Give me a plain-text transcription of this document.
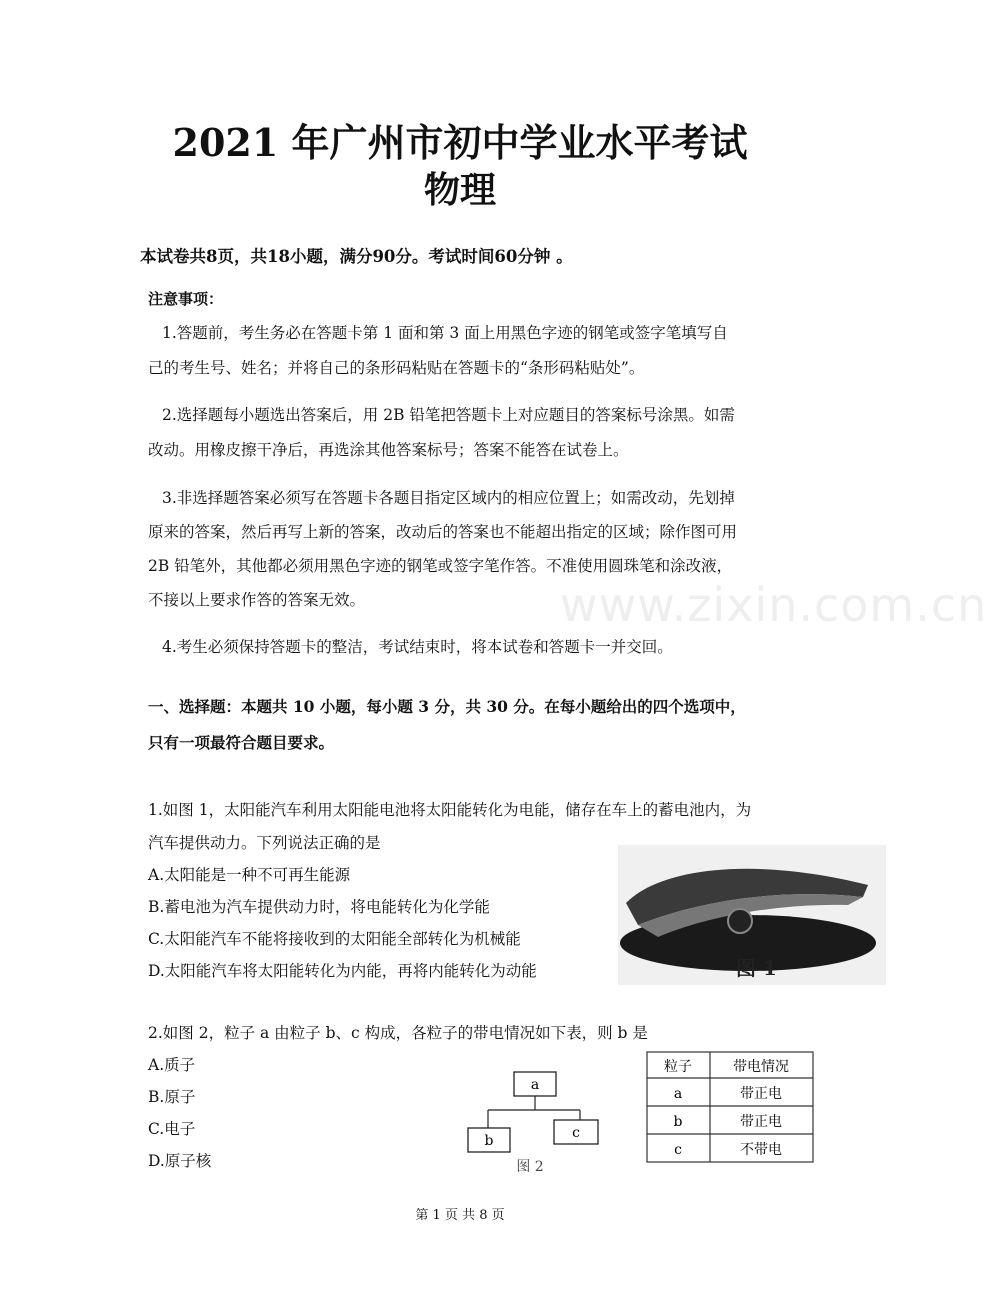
www.zixin.com.cn
2021 年广州市初中学业水平考试
物理
本试卷共8页，共18小题，满分90分。考试时间60分钟 。
注意事项：
1.答题前，考生务必在答题卡第 1 面和第 3 面上用黑色字迹的钢笔或签字笔填写自
己的考生号、姓名；并将自己的条形码粘贴在答题卡的“条形码粘贴处”。
2.选择题每小题选出答案后，用 2B 铅笔把答题卡上对应题目的答案标号涂黑。如需
改动。用橡皮擦干净后，再选涂其他答案标号；答案不能答在试卷上。
3.非选择题答案必须写在答题卡各题目指定区域内的相应位置上；如需改动，先划掉
原来的答案，然后再写上新的答案，改动后的答案也不能超出指定的区域；除作图可用
2B 铅笔外，其他都必须用黑色字迹的钢笔或签字笔作答。不准使用圆珠笔和涂改液，
不接以上要求作答的答案无效。
4.考生必须保持答题卡的整洁，考试结束时，将本试卷和答题卡一并交回。
一、选择题：本题共 10 小题，每小题 3 分，共 30 分。在每小题给出的四个选项中，
只有一项最符合题目要求。
1.如图 1，太阳能汽车利用太阳能电池将太阳能转化为电能，储存在车上的蓄电池内，为
汽车提供动力。下列说法正确的是
A.太阳能是一种不可再生能源
B.蓄电池为汽车提供动力时，将电能转化为化学能
C.太阳能汽车不能将接收到的太阳能全部转化为机械能
D.太阳能汽车将太阳能转化为内能，再将内能转化为动能	图 1
2.如图 2，粒子 a 由粒子 b、c 构成，各粒子的带电情况如下表，则 b 是
A.质子
B.原子
C.电子
D.原子核
a
b	c
图 2
粒子	带电情况
a	带正电
b	带正电
c	不带电
第 1 页 共 8 页
